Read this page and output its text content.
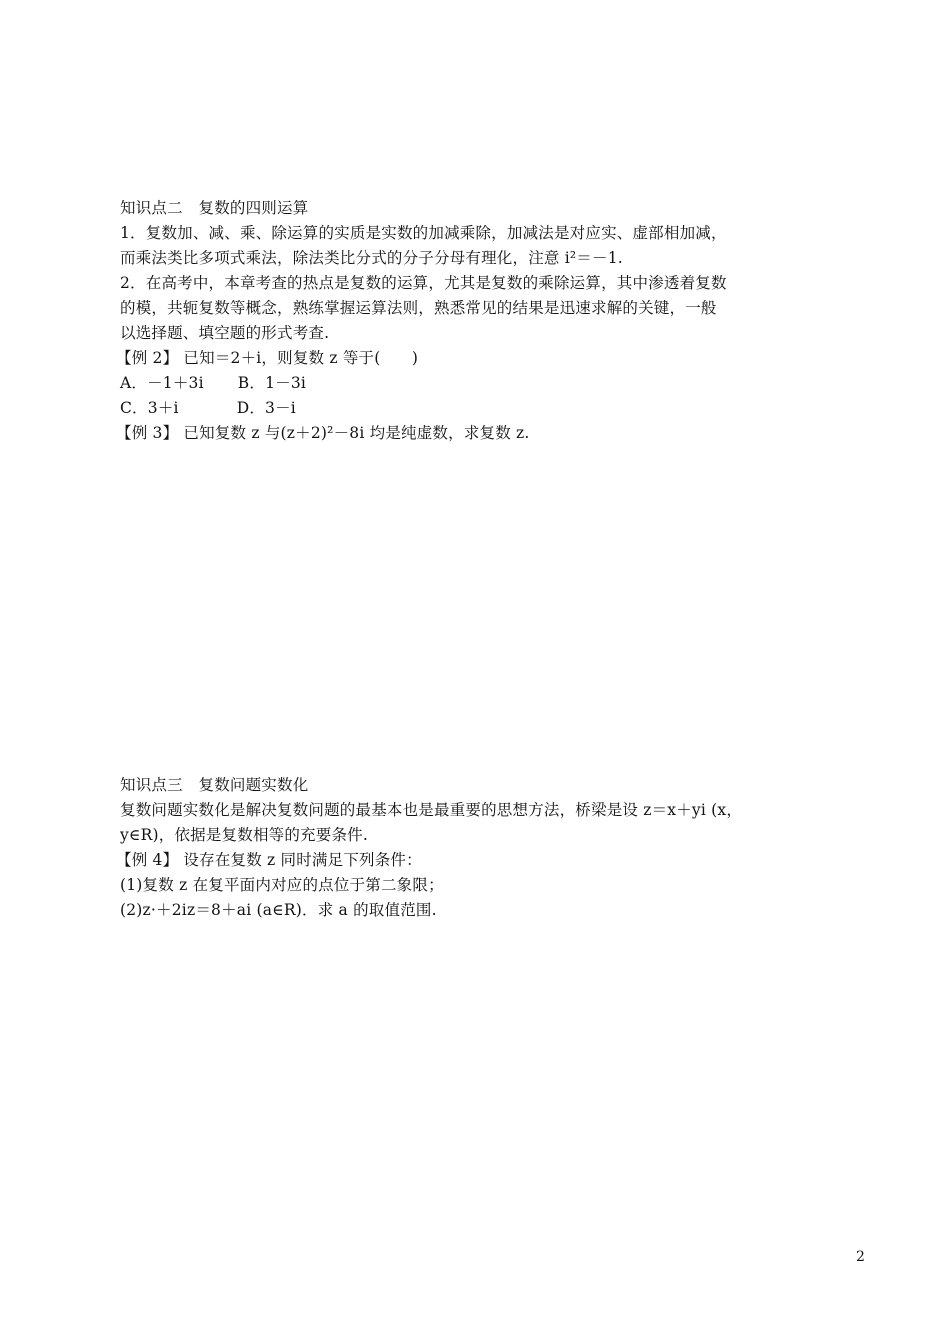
知识点二　复数的四则运算
1．复数加、减、乘、除运算的实质是实数的加减乘除，加减法是对应实、虚部相加减，
而乘法类比多项式乘法，除法类比分式的分子分母有理化，注意 i²＝－1.
2．在高考中，本章考查的热点是复数的运算，尤其是复数的乘除运算，其中渗透着复数
的模，共轭复数等概念，熟练掌握运算法则，熟悉常见的结果是迅速求解的关键，一般
以选择题、填空题的形式考查.
【例 2】 已知＝2＋i，则复数 z 等于(　　)
A．－1＋3i B．1－3i
C．3＋i	D．3－i
【例 3】 已知复数 z 与(z＋2)²－8i 均是纯虚数，求复数 z.
知识点三　复数问题实数化
复数问题实数化是解决复数问题的最基本也是最重要的思想方法，桥梁是设 z＝x＋yi (x，
y∈R)，依据是复数相等的充要条件.
【例 4】 设存在复数 z 同时满足下列条件：
(1)复数 z 在复平面内对应的点位于第二象限；
(2)z·＋2iz＝8＋ai (a∈R)．求 a 的取值范围.
2
